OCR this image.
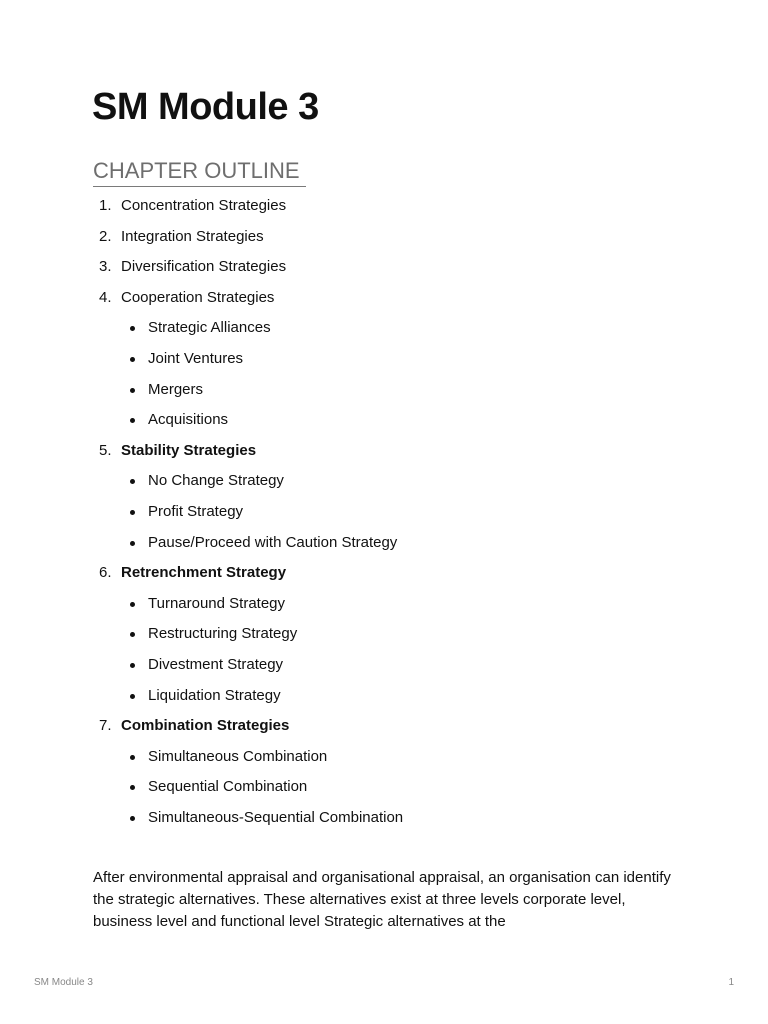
SM Module 3
CHAPTER OUTLINE
1. Concentration Strategies
2. Integration Strategies
3. Diversification Strategies
4. Cooperation Strategies
Strategic Alliances
Joint Ventures
Mergers
Acquisitions
5. Stability Strategies
No Change Strategy
Profit Strategy
Pause/Proceed with Caution Strategy
6. Retrenchment Strategy
Turnaround Strategy
Restructuring Strategy
Divestment Strategy
Liquidation Strategy
7. Combination Strategies
Simultaneous Combination
Sequential Combination
Simultaneous-Sequential Combination

After environmental appraisal and organisational appraisal, an organisation can identify the strategic alternatives. These alternatives exist at three levels corporate level, business level and functional level Strategic alternatives at the

SM Module 3	1
